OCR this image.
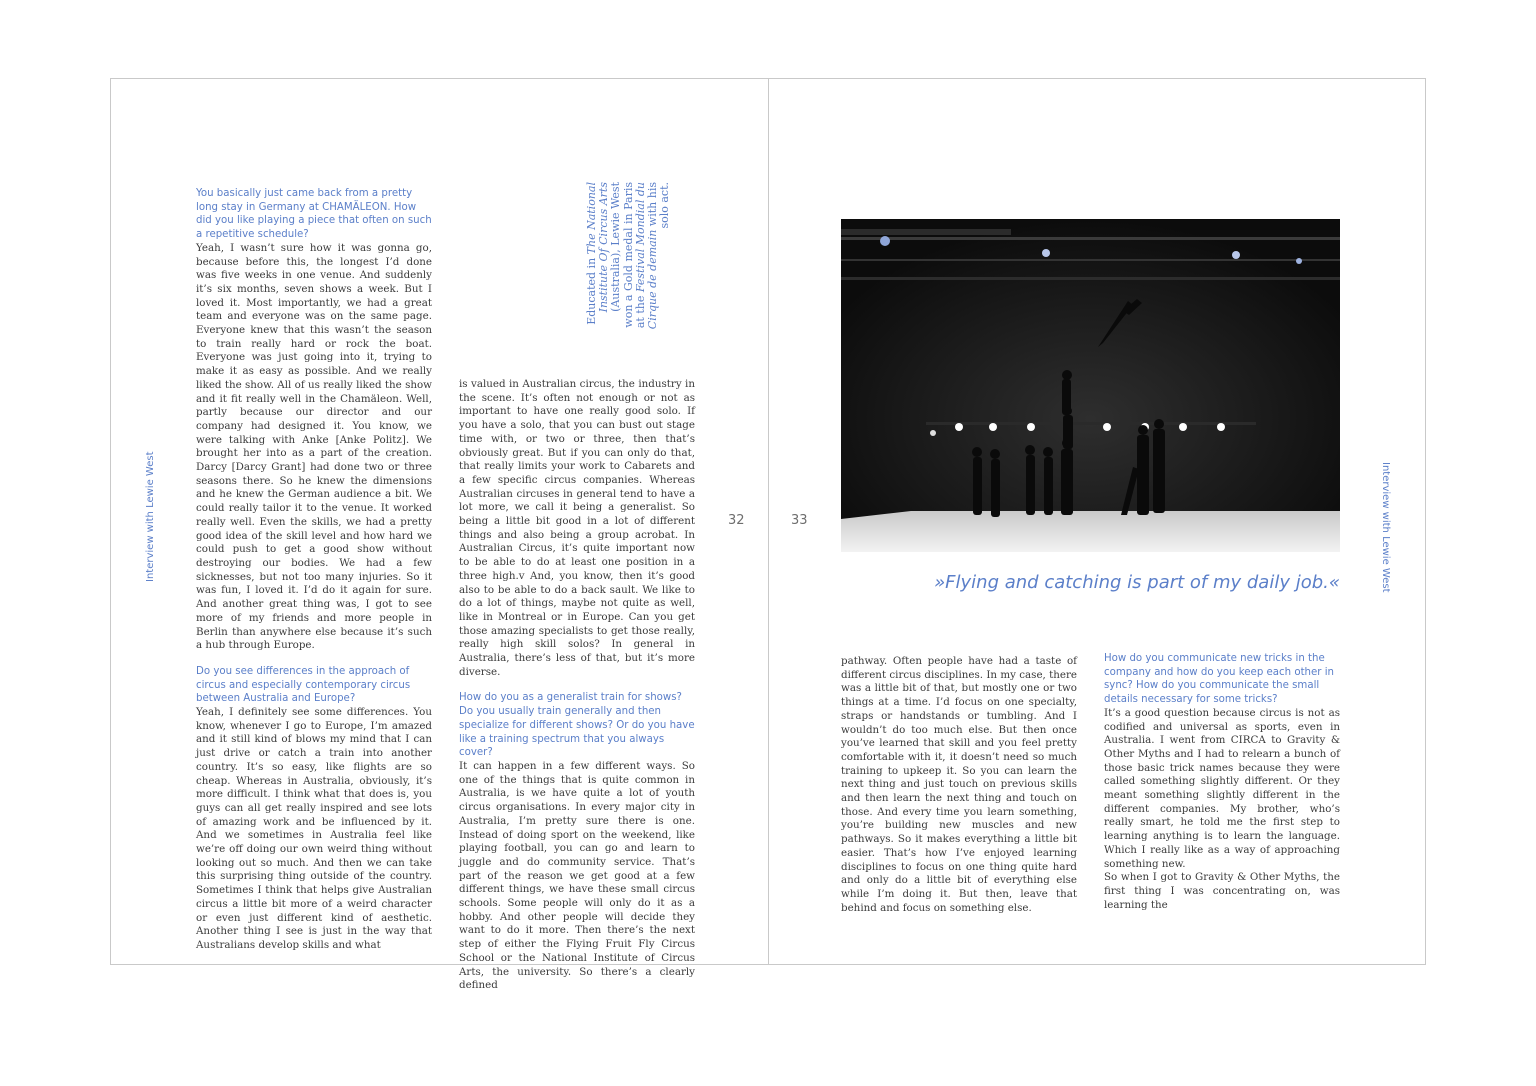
Interview with Lewie West	Interview with Lewie West
32	33

You basically just came back from a pretty long stay in Germany at CHAMÄLEON. How did you like playing a piece that often on such a repetitive schedule?

Yeah, I wasn’t sure how it was gonna go, because before this, the longest I’d done was five weeks in one venue. And suddenly it’s six months, seven shows a week. But I loved it. Most importantly, we had a great team and everyone was on the same page. Everyone knew that this wasn’t the season to train really hard or rock the boat. Everyone was just going into it, trying to make it as easy as possible. And we really liked the show. All of us really liked the show and it fit really well in the Chamäleon. Well, partly because our director and our company had designed it. You know, we were talking with Anke [Anke Politz]. We brought her into as a part of the creation. Darcy [Darcy Grant] had done two or three seasons there. So he knew the dimensions and he knew the German audience a bit. We could really tailor it to the venue. It worked really well. Even the skills, we had a pretty good idea of the skill level and how hard we could push to get a good show without destroying our bodies. We had a few sicknesses, but not too many injuries. So it was fun, I loved it. I’d do it again for sure. And another great thing was, I got to see more of my friends and more people in Berlin than anywhere else because it’s such a hub through Europe.

Do you see differences in the approach of circus and especially contemporary circus between Australia and Europe?

Yeah, I definitely see some differences. You know, whenever I go to Europe, I’m amazed and it still kind of blows my mind that I can just drive or catch a train into another country. It’s so easy, like flights are so cheap. Whereas in Australia, obviously, it’s more difficult. I think what that does is, you guys can all get really inspired and see lots of amazing work and be influenced by it. And we sometimes in Australia feel like we’re off doing our own weird thing without looking out so much. And then we can take this surprising thing outside of the country. Sometimes I think that helps give Australian circus a little bit more of a weird character or even just different kind of aesthetic. Another thing I see is just in the way that Australians develop skills and what

Educated in The National Institute Of Circus Arts (Australia), Lewie West won a Gold medal in Paris at the Festival Mondial du Cirque de demain with his solo act.

is valued in Australian circus, the industry in the scene. It’s often not enough or not as important to have one really good solo. If you have a solo, that you can bust out stage time with, or two or three, then that’s obviously great. But if you can only do that, that really limits your work to Cabarets and a few specific circus companies. Whereas Australian circuses in general tend to have a lot more, we call it being a generalist. So being a little bit good in a lot of different things and also being a group acrobat. In Australian Circus, it’s quite important now to be able to do at least one position in a three high.v And, you know, then it’s good also to be able to do a back sault. We like to do a lot of things, maybe not quite as well, like in Montreal or in Europe. Can you get those amazing specialists to get those really, really high skill solos? In general in Australia, there’s less of that, but it’s more diverse.

How do you as a generalist train for shows? Do you usually train generally and then specialize for different shows? Or do you have like a training spectrum that you always cover?

It can happen in a few different ways. So one of the things that is quite common in Australia, is we have quite a lot of youth circus organisations. In every major city in Australia, I’m pretty sure there is one. Instead of doing sport on the weekend, like playing football, you can go and learn to juggle and do community service. That’s part of the reason we get good at a few different things, we have these small circus schools. Some people will only do it as a hobby. And other people will decide they want to do it more. Then there’s the next step of either the Flying Fruit Fly Circus School or the National Institute of Circus Arts, the university. So there’s a clearly defined

»Flying and catching is part of my daily job.«

pathway. Often people have had a taste of different circus disciplines. In my case, there was a little bit of that, but mostly one or two things at a time. I’d focus on one specialty, straps or handstands or tumbling. And I wouldn’t do too much else. But then once you’ve learned that skill and you feel pretty comfortable with it, it doesn’t need so much training to upkeep it. So you can learn the next thing and just touch on previous skills and then learn the next thing and touch on those. And every time you learn something, you’re building new muscles and new pathways. So it makes everything a little bit easier. That’s how I’ve enjoyed learning disciplines to focus on one thing quite hard and only do a little bit of everything else while I’m doing it. But then, leave that behind and focus on something else.

How do you communicate new tricks in the company and how do you keep each other in sync? How do you communicate the small details necessary for some tricks?

It’s a good question because circus is not as codified and universal as sports, even in Australia. I went from CIRCA to Gravity & Other Myths and I had to relearn a bunch of those basic trick names because they were called something slightly different. Or they meant something slightly different in the different companies. My brother, who’s really smart, he told me the first step to learning anything is to learn the language. Which I really like as a way of approaching something new.

So when I got to Gravity & Other Myths, the first thing I was concentrating on, was learning the
